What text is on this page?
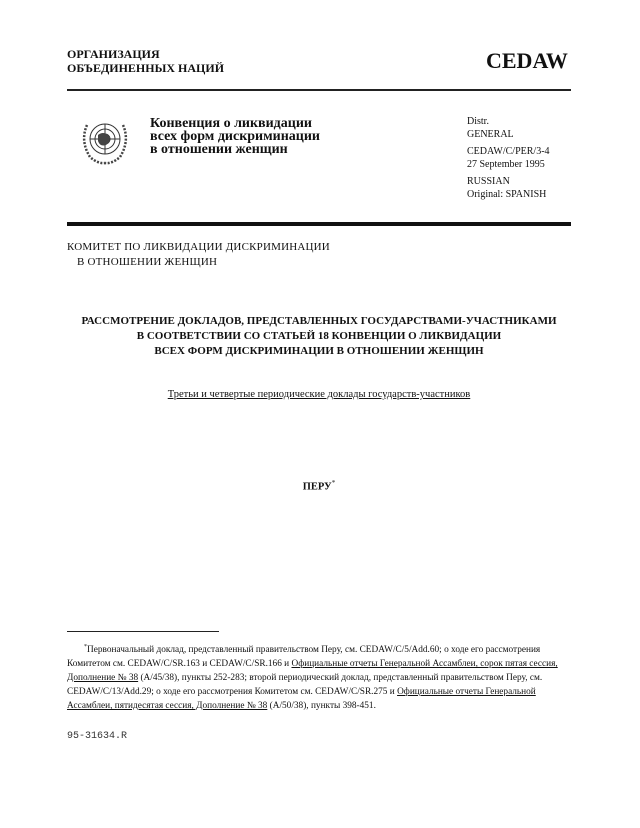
ОРГАНИЗАЦИЯ
ОБЪЕДИНЕННЫХ НАЦИЙ	CEDAW
Конвенция о ликвидации
всех форм дискриминации
в отношении женщин

Distr.
GENERAL

CEDAW/C/PER/3-4
27 September 1995

RUSSIAN
Original: SPANISH

КОМИТЕТ ПО ЛИКВИДАЦИИ ДИСКРИМИНАЦИИ
В ОТНОШЕНИИ ЖЕНЩИН
РАССМОТРЕНИЕ ДОКЛАДОВ, ПРЕДСТАВЛЕННЫХ ГОСУДАРСТВАМИ-УЧАСТНИКАМИ
В СООТВЕТСТВИИ СО СТАТЬЕЙ 18 КОНВЕНЦИИ О ЛИКВИДАЦИИ
ВСЕХ ФОРМ ДИСКРИМИНАЦИИ В ОТНОШЕНИИ ЖЕНЩИН
Третьи и четвертые периодические доклады государств-участников
ПЕРУ*
*Первоначальный доклад, представленный правительством Перу, см. CEDAW/C/5/Add.60; о ходе его рассмотрения Комитетом см. CEDAW/C/SR.163 и CEDAW/C/SR.166 и Официальные отчеты Генеральной Ассамблеи, сорок пятая сессия, Дополнение № 38 (A/45/38), пункты 252-283; второй периодический доклад, представленный правительством Перу, см. CEDAW/C/13/Add.29; о ходе его рассмотрения Комитетом см. CEDAW/C/SR.275 и Официальные отчеты Генеральной Ассамблеи, пятидесятая сессия, Дополнение № 38 (A/50/38), пункты 398-451.
95-31634.R
